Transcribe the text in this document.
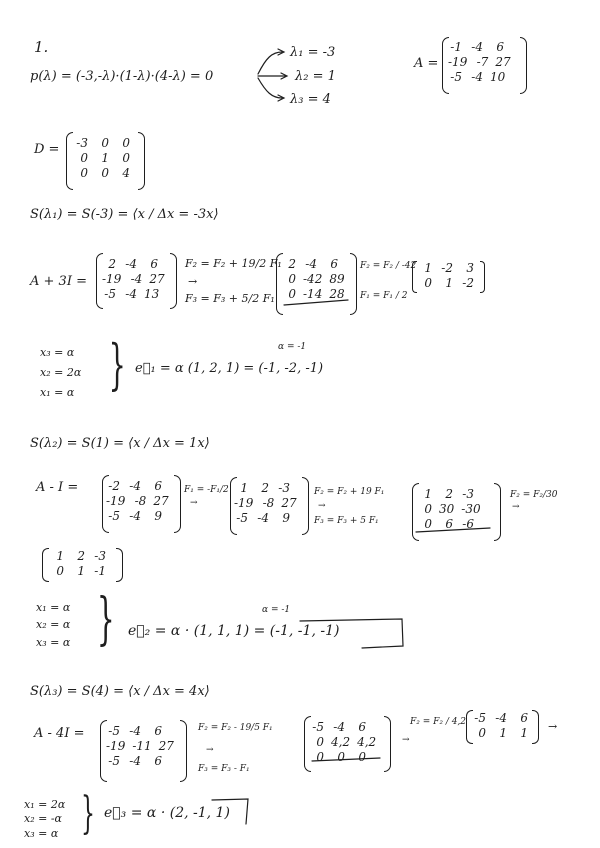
1.
p(λ) = (-3,-λ)·(1-λ)·(4-λ) = 0
λ₁ = -3
λ₂ = 1
λ₃ = 4
A =
-1 -4	6
-19 -7 27
-5 -4 10
D = -3	0	0
0	1	0
0	0	4
S(λ₁) = S(-3) = ⟨x / Δx = -3x⟩
A + 3I =
2 -4	6
-19 -4 27
-5 -4 13
F₂ = F₂ + 19/2 F₁
→
F₃ = F₃ + 5/2 F₁
2 -4	6
0 -42 89
0 -14 28
F₂ = F₂ / -42
F₁ = F₁ / 2
1 -2	3
0	1 -2
x₃ = α
x₂ = 2α
x₁ = α }	α = -1
e⃗₁ = α (1, 2, 1) = (-1, -2, -1)
S(λ₂) = S(1) = ⟨x / Δx = 1x⟩
A - I =	-2 -4	6
-19 -8 27
-5 -4	9
F₁ = -F₁/2
→
1	2 -3
-19 -8 27
-5 -4	9
F₂ = F₂ + 19 F₁
→
F₃ = F₃ + 5 F₁
1	2 -3
0 30 -30
0	6 -6
F₂ = F₂/30
→
1	2 -3
0	1 -1
x₁ = α
x₂ = α
x₃ = α }	α = -1
e⃗₂ = α · (1, 1, 1) = (-1, -1, -1)
S(λ₃) = S(4) = ⟨x / Δx = 4x⟩
A - 4I = -5 -4	6
-19 -11 27
-5 -4	6
F₂ = F₂ - 19/5 F₁
→
F₃ = F₃ - F₁
-5 -4	6
0 4,2 4,2
0	0	0
→
F₂ = F₂ / 4,2 -5 -4	6
0	1	1 →
x₁ = 2α
x₂ = -α
x₃ = α } e⃗₃ = α · (2, -1, 1)
